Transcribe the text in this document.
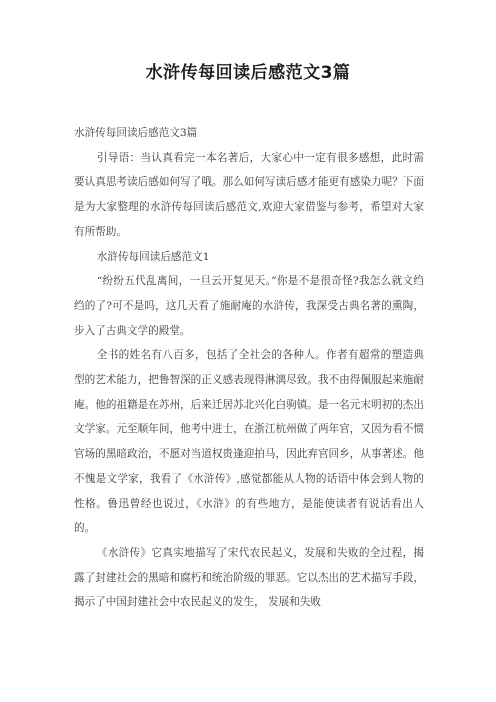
水浒传每回读后感范文3篇

水浒传每回读后感范文3篇

引导语：当认真看完一本名著后，大家心中一定有很多感想，此时需要认真思考读后感如何写了哦。那么如何写读后感才能更有感染力呢？下面是为大家整理的水浒传每回读后感范文,欢迎大家借鉴与参考，希望对大家有所帮助。

水浒传每回读后感范文1

“纷纷五代乱离间，一旦云开复见天。”你是不是很奇怪?我怎么就文绉绉的了?可不是吗，这几天看了施耐庵的水浒传，我深受古典名著的熏陶，步入了古典文学的殿堂。

全书的姓名有八百多，包括了全社会的各种人。作者有超常的塑造典型的艺术能力，把鲁智深的正义感表现得淋漓尽致。我不由得佩服起来施耐庵。他的祖籍是在苏州，后来迁居苏北兴化白驹镇。是一名元末明初的杰出文学家。元至顺年间，他考中进士，在浙江杭州做了两年官，又因为看不惯官场的黑暗政治，不愿对当道权贵逢迎拍马，因此弃官回乡，从事著述。他不愧是文学家，我看了《水浒传》,感觉都能从人物的话语中体会到人物的性格。鲁迅曾经也说过，《水浒》的有些地方，是能使读者有说话看出人的。

《水浒传》它真实地描写了宋代农民起义，发展和失败的全过程，揭露了封建社会的黑暗和腐朽和统治阶级的罪恶。它以杰出的艺术描写手段，揭示了中国封建社会中农民起义的发生， 发展和失败
